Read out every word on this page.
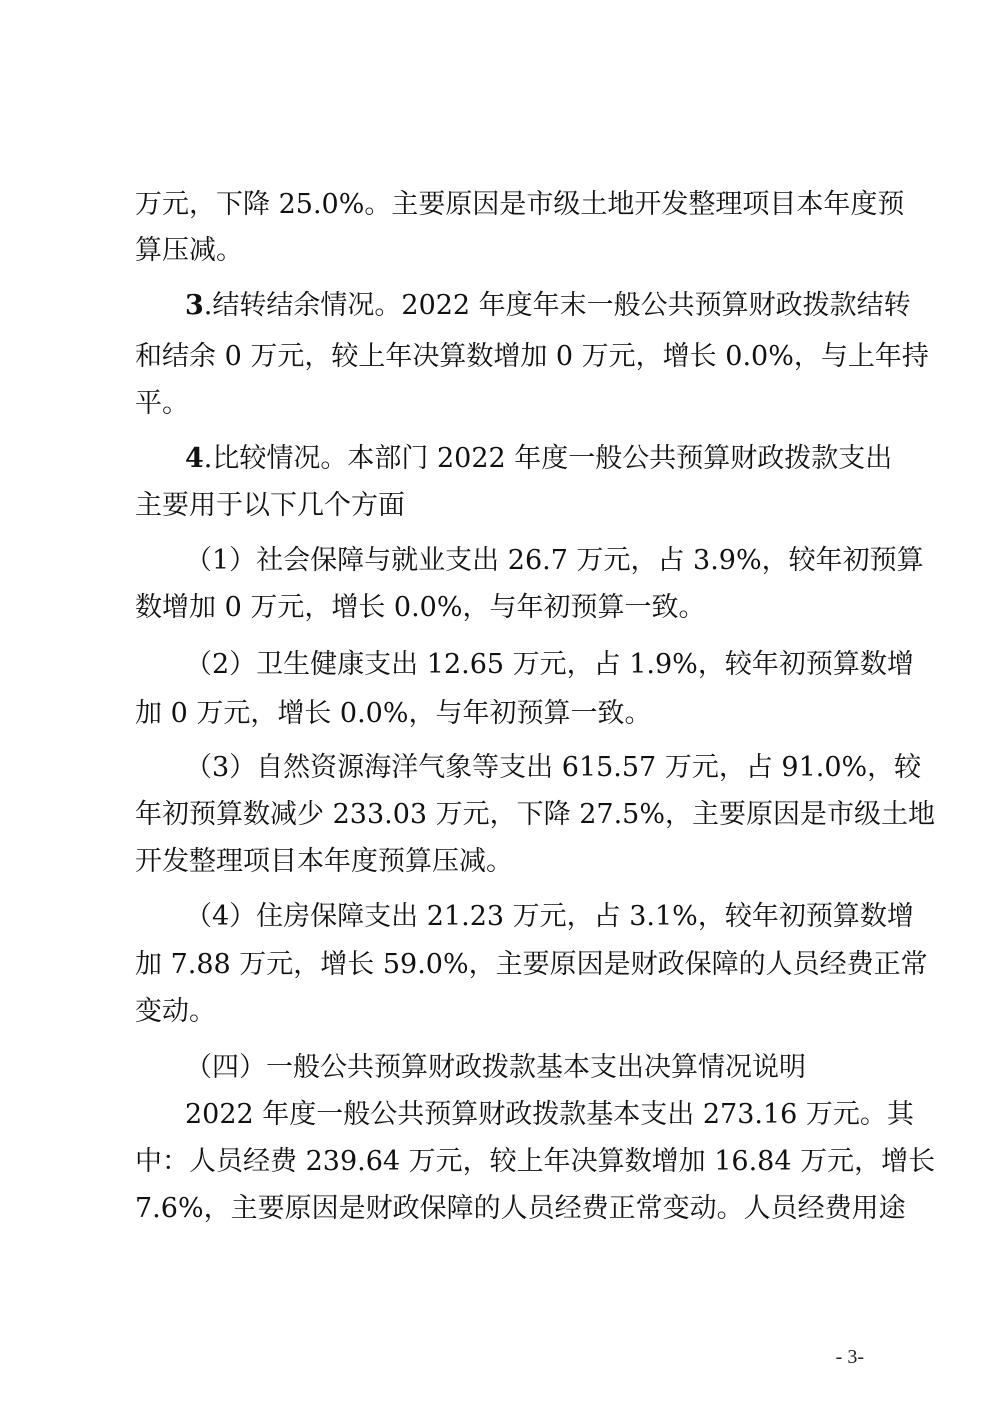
万元，下降 25.0%。主要原因是市级土地开发整理项目本年度预
算压减。
3.结转结余情况。2022 年度年末一般公共预算财政拨款结转
和结余 0 万元，较上年决算数增加 0 万元，增长 0.0%，与上年持
平。
4.比较情况。本部门 2022 年度一般公共预算财政拨款支出
主要用于以下几个方面
（1）社会保障与就业支出 26.7 万元，占 3.9%，较年初预算
数增加 0 万元，增长 0.0%，与年初预算一致。
（2）卫生健康支出 12.65 万元，占 1.9%，较年初预算数增
加 0 万元，增长 0.0%，与年初预算一致。
（3）自然资源海洋气象等支出 615.57 万元，占 91.0%，较
年初预算数减少 233.03 万元，下降 27.5%，主要原因是市级土地
开发整理项目本年度预算压减。
（4）住房保障支出 21.23 万元，占 3.1%，较年初预算数增
加 7.88 万元，增长 59.0%，主要原因是财政保障的人员经费正常
变动。
（四）一般公共预算财政拨款基本支出决算情况说明
2022 年度一般公共预算财政拨款基本支出 273.16 万元。其
中：人员经费 239.64 万元，较上年决算数增加 16.84 万元，增长
7.6%，主要原因是财政保障的人员经费正常变动。人员经费用途
- 3-
